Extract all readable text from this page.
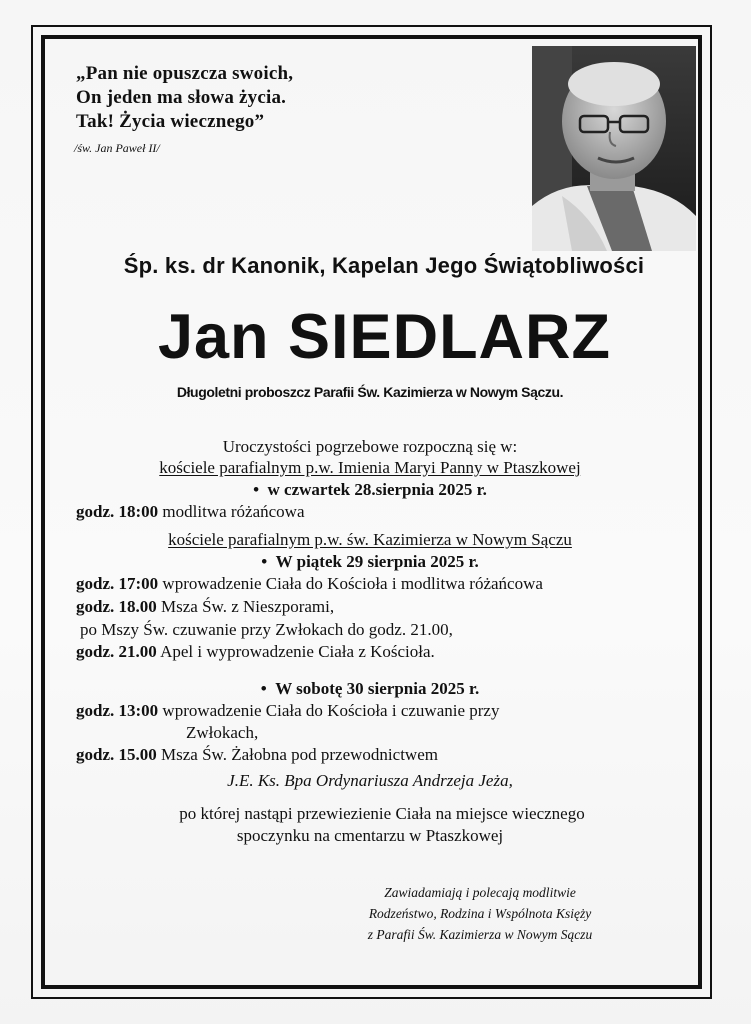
„Pan nie opuszcza swoich,
On jeden ma słowa życia.
Tak! Życia wiecznego”
/św. Jan Paweł II/
Śp. ks. dr Kanonik, Kapelan Jego Świątobliwości
Jan SIEDLARZ
Długoletni proboszcz Parafii Św. Kazimierza w Nowym Sączu.
Uroczystości pogrzebowe rozpoczną się w:
kościele parafialnym p.w. Imienia Maryi Panny w Ptaszkowej
•  w czwartek 28.sierpnia 2025 r.
godz. 18:00 modlitwa różańcowa
kościele parafialnym p.w. św. Kazimierza w Nowym Sączu
•  W piątek 29 sierpnia 2025 r.
godz. 17:00 wprowadzenie Ciała do Kościoła i modlitwa różańcowa
godz. 18.00 Msza Św. z Nieszporami,
po Mszy Św. czuwanie przy Zwłokach do godz. 21.00,
godz. 21.00 Apel i wyprowadzenie Ciała z Kościoła.
•  W sobotę 30 sierpnia 2025 r.
godz. 13:00 wprowadzenie Ciała do Kościoła i czuwanie przy
Zwłokach,
godz. 15.00 Msza Św. Żałobna pod przewodnictwem
J.E. Ks. Bpa Ordynariusza Andrzeja Jeża,
po której nastąpi przewiezienie Ciała na miejsce wiecznego
spoczynku na cmentarzu w Ptaszkowej
Zawiadamiają i polecają modlitwie
Rodzeństwo, Rodzina i Wspólnota Księży
z Parafii Św. Kazimierza w Nowym Sączu
